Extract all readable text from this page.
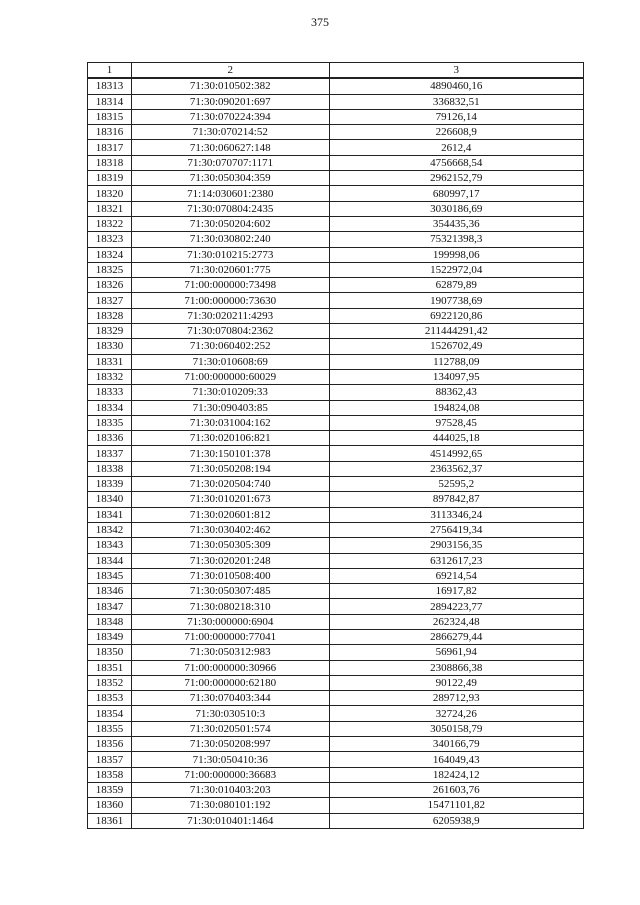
375
1	2	3
18313	71:30:010502:382	4890460,16
18314	71:30:090201:697	336832,51
18315	71:30:070224:394	79126,14
18316	71:30:070214:52	226608,9
18317	71:30:060627:148	2612,4
18318	71:30:070707:1171	4756668,54
18319	71:30:050304:359	2962152,79
18320	71:14:030601:2380	680997,17
18321	71:30:070804:2435	3030186,69
18322	71:30:050204:602	354435,36
18323	71:30:030802:240	75321398,3
18324	71:30:010215:2773	199998,06
18325	71:30:020601:775	1522972,04
18326	71:00:000000:73498	62879,89
18327	71:00:000000:73630	1907738,69
18328	71:30:020211:4293	6922120,86
18329	71:30:070804:2362	211444291,42
18330	71:30:060402:252	1526702,49
18331	71:30:010608:69	112788,09
18332	71:00:000000:60029	134097,95
18333	71:30:010209:33	88362,43
18334	71:30:090403:85	194824,08
18335	71:30:031004:162	97528,45
18336	71:30:020106:821	444025,18
18337	71:30:150101:378	4514992,65
18338	71:30:050208:194	2363562,37
18339	71:30:020504:740	52595,2
18340	71:30:010201:673	897842,87
18341	71:30:020601:812	3113346,24
18342	71:30:030402:462	2756419,34
18343	71:30:050305:309	2903156,35
18344	71:30:020201:248	6312617,23
18345	71:30:010508:400	69214,54
18346	71:30:050307:485	16917,82
18347	71:30:080218:310	2894223,77
18348	71:30:000000:6904	262324,48
18349	71:00:000000:77041	2866279,44
18350	71:30:050312:983	56961,94
18351	71:00:000000:30966	2308866,38
18352	71:00:000000:62180	90122,49
18353	71:30:070403:344	289712,93
18354	71:30:030510:3	32724,26
18355	71:30:020501:574	3050158,79
18356	71:30:050208:997	340166,79
18357	71:30:050410:36	164049,43
18358	71:00:000000:36683	182424,12
18359	71:30:010403:203	261603,76
18360	71:30:080101:192	15471101,82
18361	71:30:010401:1464	6205938,9
